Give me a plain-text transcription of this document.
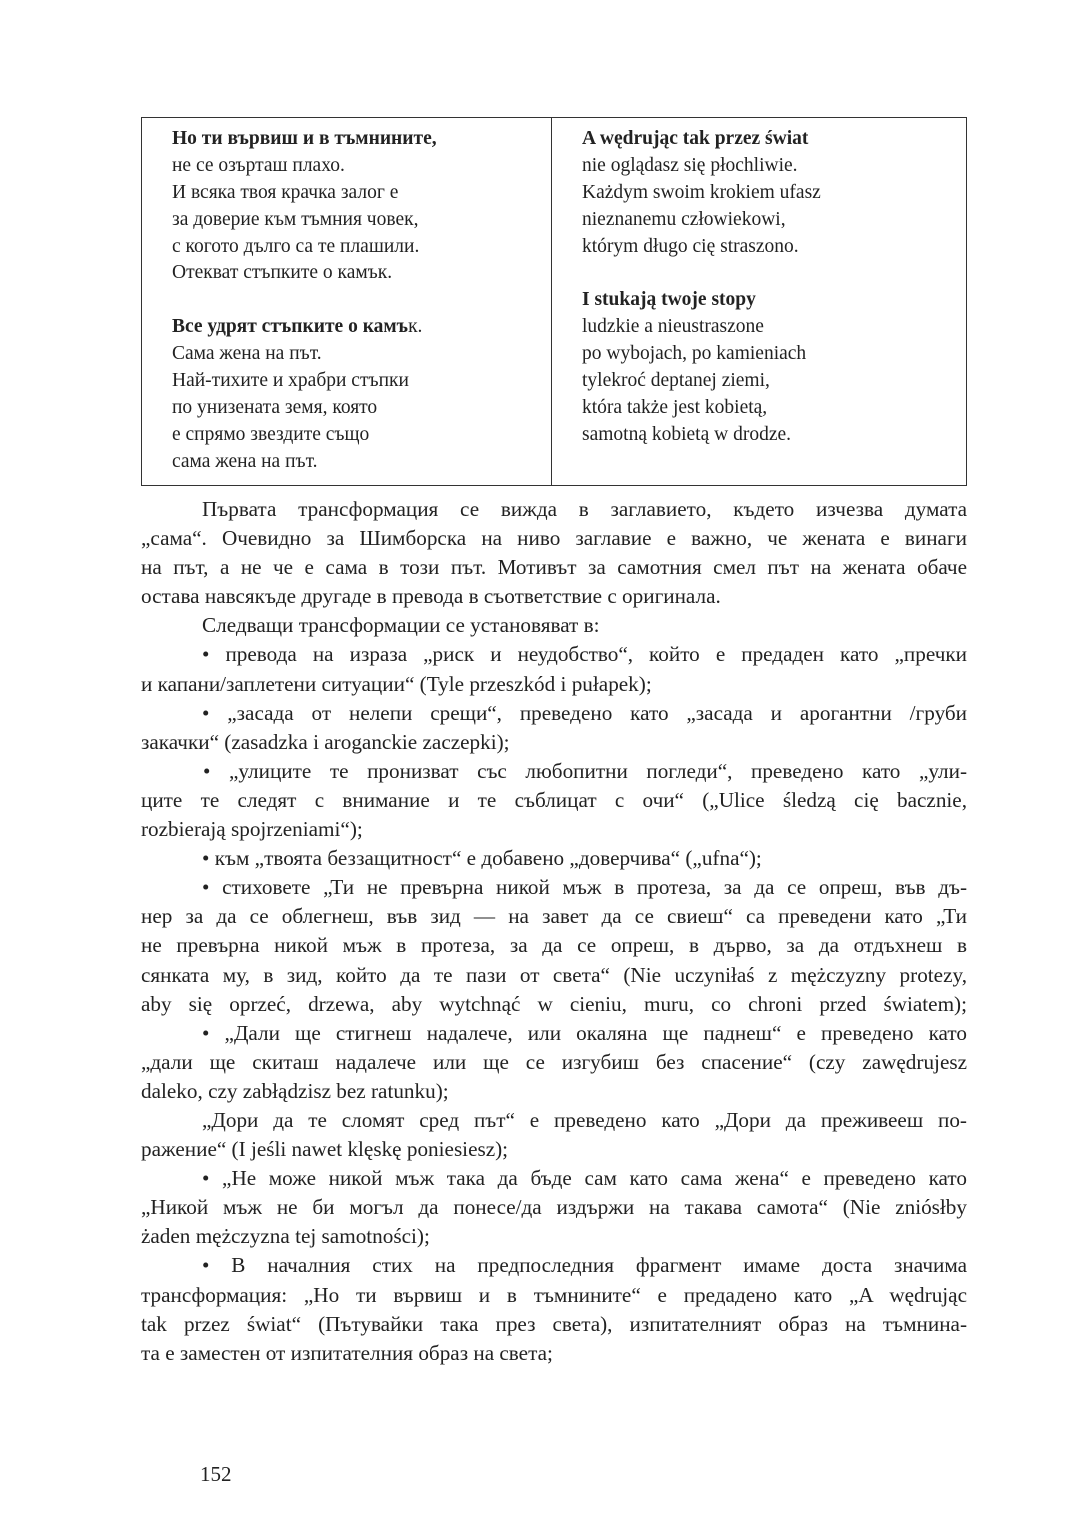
Но ти вървиш и в тъмнините,
не се озърташ плахо.
И всяка твоя крачка залог е
за доверие към тъмния човек,
с когото дълго са те плашили.
Отекват стъпките о камък.
Все удрят стъпките о камък.
Сама жена на път.
Най-тихите и храбри стъпки
по унизената земя, която
е спрямо звездите също
сама жена на път.
A wędrując tak przez świat
nie oglądasz się płochliwie.
Każdym swoim krokiem ufasz
nieznanemu człowiekowi,
którym długo cię straszono.
I stukają twoje stopy
ludzkie a nieustraszone
po wybojach, po kamieniach
tylekroć deptanej ziemi,
która także jest kobietą,
samotną kobietą w drodze.
Първата трансформация се вижда в заглавието, където изчезва думата
„сама“. Очевидно за Шимборска на ниво заглавие е важно, че жената е винаги
на път, а не че е сама в този път. Мотивът за самотния смел път на жената обаче
остава навсякъде другаде в превода в съответствие с оригинала.
Следващи трансформации се установяват в:
• превода на израза „риск и неудобство“, който е предаден като „пречки
и капани/заплетени ситуации“ (Tyle przeszkód i pułapek);
• „засада от нелепи срещи“, преведено като „засада и арогантни /груби
закачки“ (zasadzka i aroganckie zaczepki);
• „улиците те пронизват със любопитни погледи“, преведено като „ули-
ците те следят с внимание и те съблицат с очи“ („Ulice śledzą cię bacznie,
rozbierają spojrzeniami“);
• към „твоята беззащитност“ е добавено „доверчива“ („ufna“);
• стиховете „Ти не превърна никой мъж в протеза, за да се опреш, във дъ-
нер за да се облегнеш, във зид — на завет да се свиеш“ са преведени като „Ти
не превърна никой мъж в протеза, за да се опреш, в дърво, за да отдъхнеш в
сянката му, в зид, който да те пази от света“ (Nie uczyniłaś z mężczyzny protezy,
aby się oprzeć, drzewa, aby wytchnąć w cieniu, muru, co chroni przed światem);
• „Дали ще стигнеш надалече, или окаляна ще паднеш“ е преведено като
„дали ще скиташ надалече или ще се изгубиш без спасение“ (czy zawędrujesz
daleko, czy zabłądzisz bez ratunku);
„Дори да те сломят сред път“ е преведено като „Дори да преживееш по-
ражение“ (I jeśli nawet klęskę poniesiesz);
• „Не може никой мъж така да бъде сам като сама жена“ е преведено като
„Никой мъж не би могъл да понесе/да издържи на такава самота“ (Nie zniósłby
żaden mężczyzna tej samotności);
• В началния стих на предпоследния фрагмент имаме доста значима
трансформация: „Но ти вървиш и в тъмнините“ е предадено като „A wędrując
tak przez świat“ (Пътувайки така през света), изпитателният образ на тъмнина-
та е заместен от изпитателния образ на света;
152
